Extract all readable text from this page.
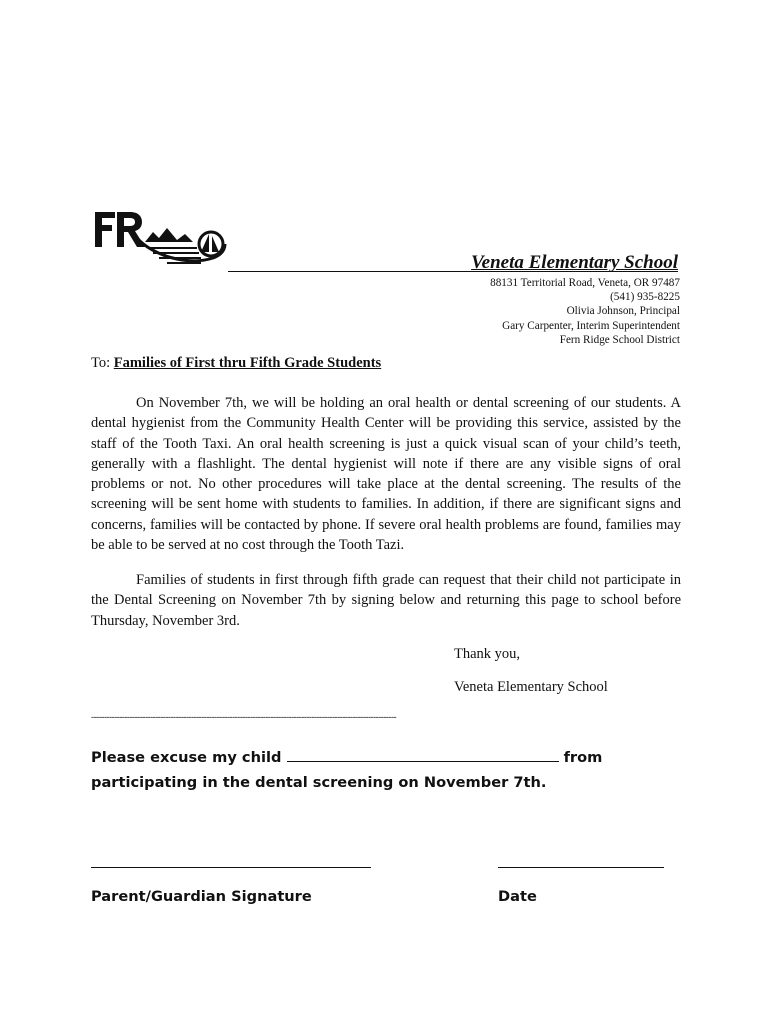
FR
Veneta Elementary School
88131 Territorial Road, Veneta, OR 97487
(541) 935-8225
Olivia Johnson, Principal
Gary Carpenter, Interim Superintendent
Fern Ridge School District
To: Families of First thru Fifth Grade Students
On November 7th, we will be holding an oral health or dental screening of our students. A dental hygienist from the Community Health Center will be providing this service, assisted by the staff of the Tooth Taxi. An oral health screening is just a quick visual scan of your child’s teeth, generally with a flashlight. The dental hygienist will note if there are any visible signs of oral problems or not. No other procedures will take place at the dental screening. The results of the screening will be sent home with students to families. In addition, if there are significant signs and concerns, families will be contacted by phone. If severe oral health problems are found, families may be able to be served at no cost through the Tooth Tazi.
Families of students in first through fifth grade can request that their child not participate in the Dental Screening on November 7th by signing below and returning this page to school before Thursday, November 3rd.
Thank you,
Veneta Elementary School
-----------------------------------------------------------------------------------------------------------------------
Please excuse my child	from participating in the dental screening on November 7th.
Parent/Guardian Signature	Date
